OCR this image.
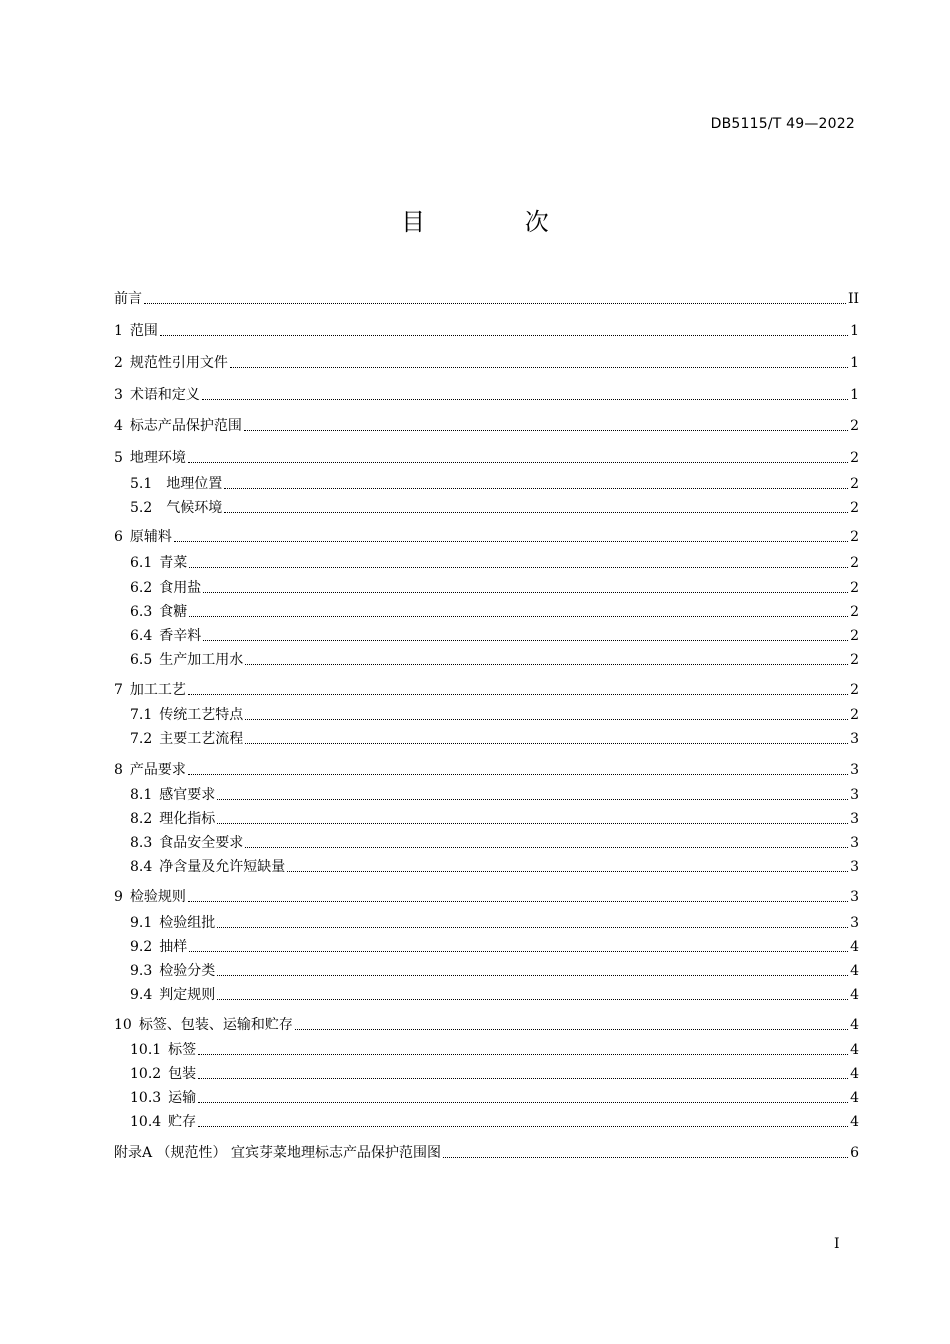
DB5115/T 49—2022
目 次
前言	II
1 范围	1
2 规范性引用文件	1
3 术语和定义	1
4 标志产品保护范围	2
5 地理环境	2
5.1 地理位置	2
5.2 气候环境	2
6 原辅料	2
6.1 青菜	2
6.2 食用盐	2
6.3 食糖	2
6.4 香辛料	2
6.5 生产加工用水	2
7 加工工艺	2
7.1 传统工艺特点	2
7.2 主要工艺流程	3
8 产品要求	3
8.1 感官要求	3
8.2 理化指标	3
8.3 食品安全要求	3
8.4 净含量及允许短缺量	3
9 检验规则	3
9.1 检验组批	3
9.2 抽样	4
9.3 检验分类	4
9.4 判定规则	4
10 标签、包装、运输和贮存	4
10.1 标签	4
10.2 包装	4
10.3 运输	4
10.4 贮存	4
附录A （规范性） 宜宾芽菜地理标志产品保护范围图	6
I
